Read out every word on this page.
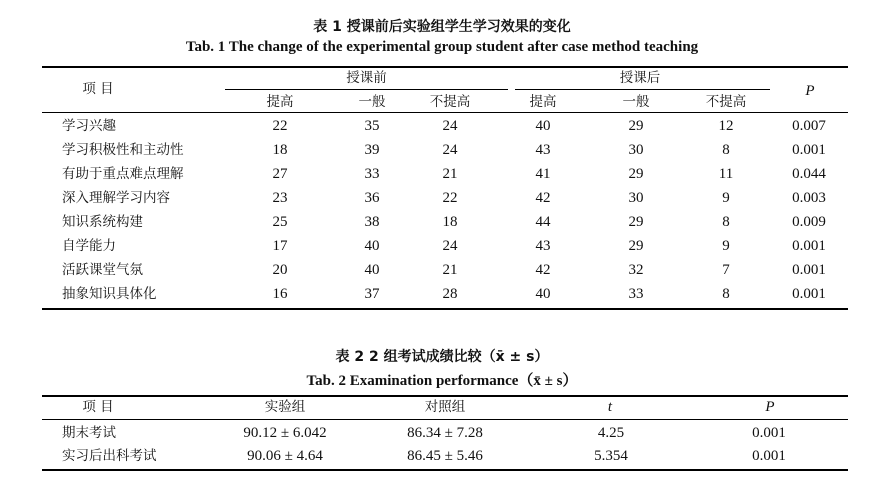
表 1 授课前后实验组学生学习效果的变化
Tab. 1 The change of the experimental group student after case method teaching
项 目
授课前	授课后
P
提高	一般	不提高	提高	一般	不提高
学习兴趣	22	35	24	40	29	12	0.007
学习积极性和主动性	18	39	24	43	30	8	0.001
有助于重点难点理解	27	33	21	41	29	11	0.044
深入理解学习内容	23	36	22	42	30	9	0.003
知识系统构建	25	38	18	44	29	8	0.009
自学能力	17	40	24	43	29	9	0.001
活跃课堂气氛	20	40	21	42	32	7	0.001
抽象知识具体化	16	37	28	40	33	8	0.001
表 2 2 组考试成绩比较（x̄ ± s）
Tab. 2 Examination performance（x̄ ± s）
项 目	实验组	对照组	t	P
期末考试	90.12 ± 6.042	86.34 ± 7.28	4.25	0.001
实习后出科考试	90.06 ± 4.64	86.45 ± 5.46	5.354	0.001
